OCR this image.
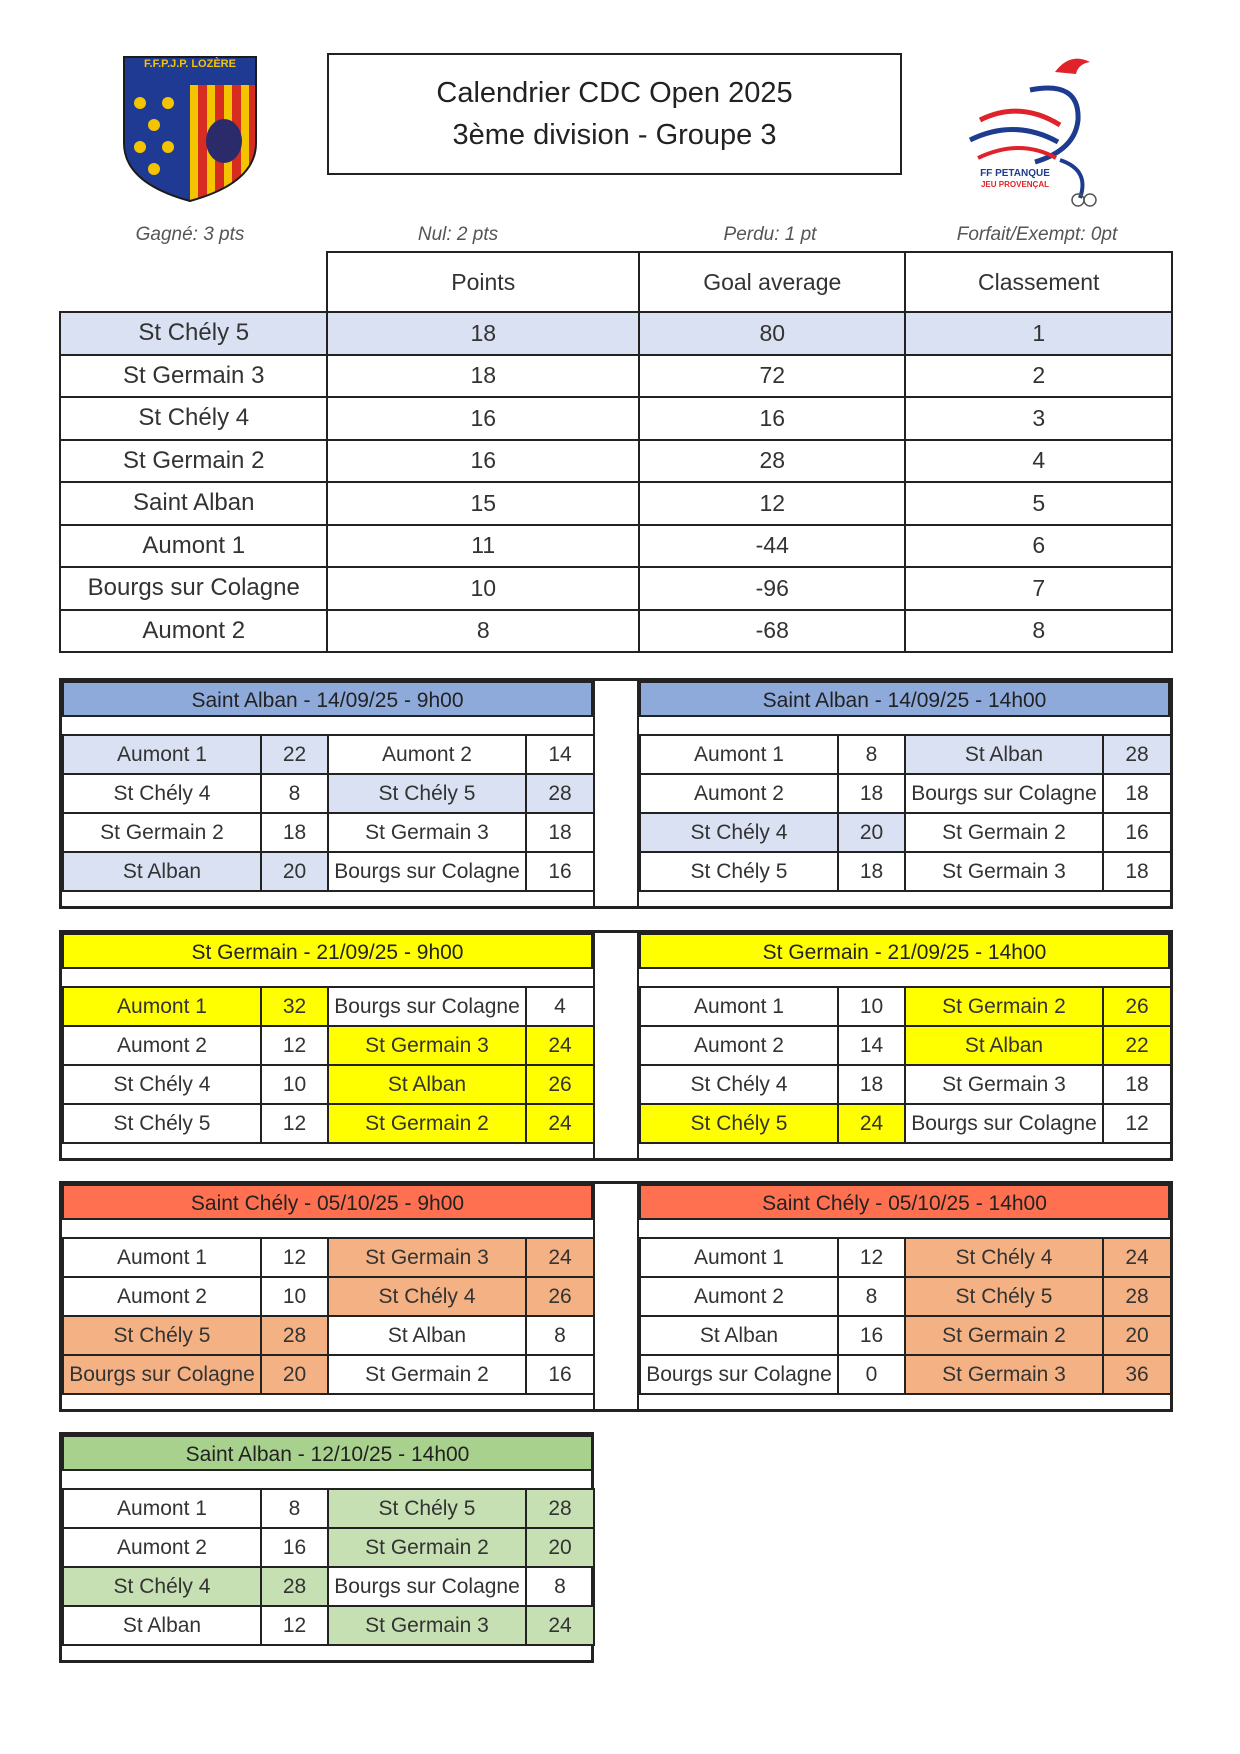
F.F.P.J.P. LOZÈRE
Calendrier CDC Open 2025
3ème division - Groupe 3
FF PETANQUE
JEU PROVENÇAL
Gagné: 3 pts	Nul: 2 pts	Perdu: 1 pt	Forfait/Exempt: 0pt
	Points	Goal average	Classement
St Chély 5	18	80	1
St Germain 3	18	72	2
St Chély 4	16	16	3
St Germain 2	16	28	4
Saint Alban	15	12	5
Aumont 1	11	-44	6
Bourgs sur Colagne	10	-96	7
Aumont 2	8	-68	8
Saint Alban - 14/09/25 - 9h00
Aumont 1	22	Aumont 2	14
St Chély 4	8	St Chély 5	28
St Germain 2	18	St Germain 3	18
St Alban	20	Bourgs sur Colagne	16
Saint Alban - 14/09/25 - 14h00
Aumont 1	8	St Alban	28
Aumont 2	18	Bourgs sur Colagne	18
St Chély 4	20	St Germain 2	16
St Chély 5	18	St Germain 3	18
St Germain - 21/09/25 - 9h00
Aumont 1	32	Bourgs sur Colagne	4
Aumont 2	12	St Germain 3	24
St Chély 4	10	St Alban	26
St Chély 5	12	St Germain 2	24
St Germain - 21/09/25 - 14h00
Aumont 1	10	St Germain 2	26
Aumont 2	14	St Alban	22
St Chély 4	18	St Germain 3	18
St Chély 5	24	Bourgs sur Colagne	12
Saint Chély - 05/10/25 - 9h00
Aumont 1	12	St Germain 3	24
Aumont 2	10	St Chély 4	26
St Chély 5	28	St Alban	8
Bourgs sur Colagne	20	St Germain 2	16
Saint Chély - 05/10/25 - 14h00
Aumont 1	12	St Chély 4	24
Aumont 2	8	St Chély 5	28
St Alban	16	St Germain 2	20
Bourgs sur Colagne	0	St Germain 3	36
Saint Alban - 12/10/25 - 14h00
Aumont 1	8	St Chély 5	28
Aumont 2	16	St Germain 2	20
St Chély 4	28	Bourgs sur Colagne	8
St Alban	12	St Germain 3	24
